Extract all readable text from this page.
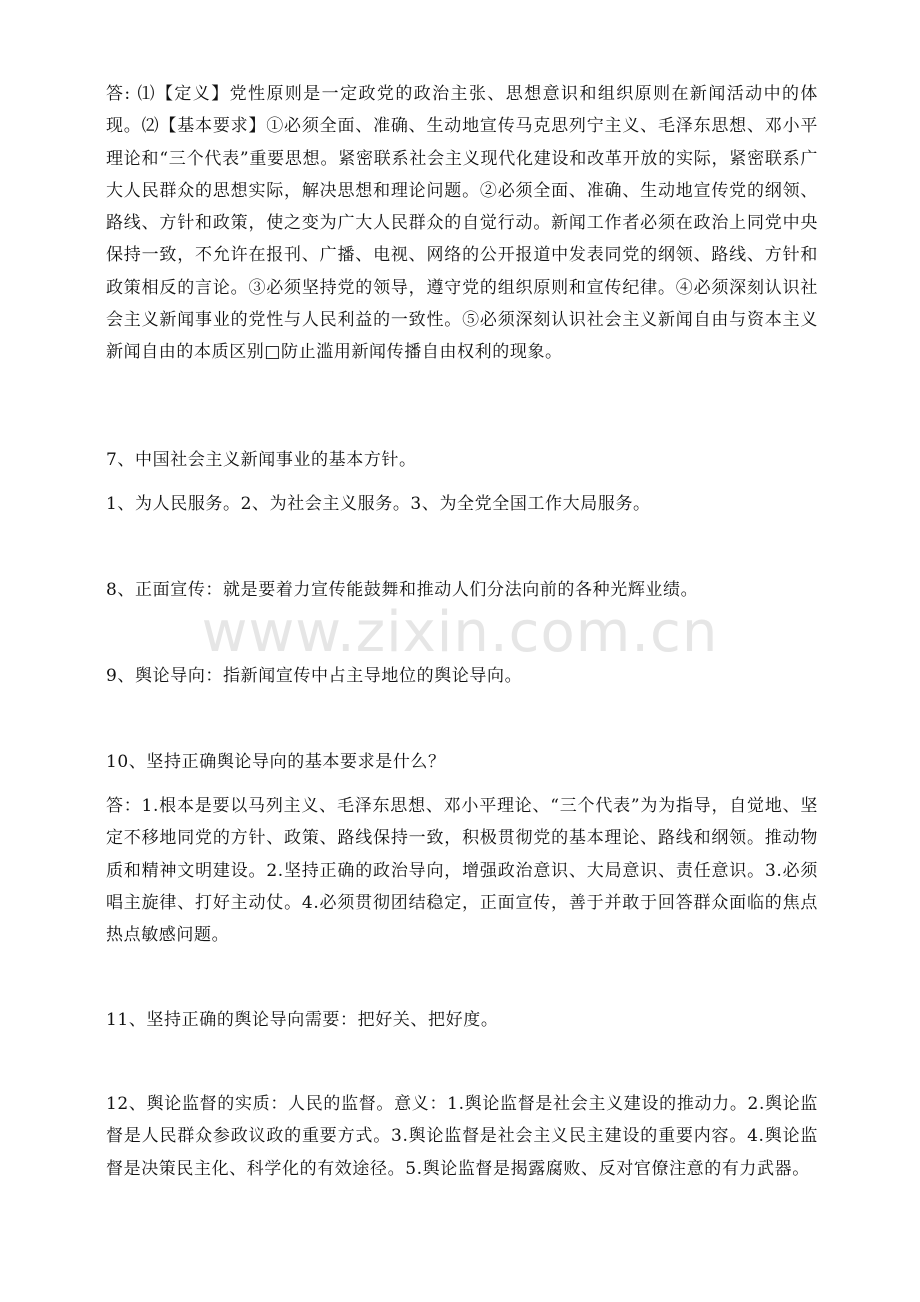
www.zixin.com.cn

答: ⑴【定义】党性原则是一定政党的政治主张、思想意识和组织原则在新闻活动中的体现。⑵【基本要求】①必须全面、准确、生动地宣传马克思列宁主义、毛泽东思想、邓小平理论和“三个代表”重要思想。紧密联系社会主义现代化建设和改革开放的实际，紧密联系广大人民群众的思想实际，解决思想和理论问题。②必须全面、准确、生动地宣传党的纲领、路线、方针和政策，使之变为广大人民群众的自觉行动。新闻工作者必须在政治上同党中央保持一致，不允许在报刊、广播、电视、网络的公开报道中发表同党的纲领、路线、方针和政策相反的言论。③必须坚持党的领导，遵守党的组织原则和宣传纪律。④必须深刻认识社会主义新闻事业的党性与人民利益的一致性。⑤必须深刻认识社会主义新闻自由与资本主义新闻自由的本质区别□防止滥用新闻传播自由权利的现象。

7、中国社会主义新闻事业的基本方针。

1、为人民服务。2、为社会主义服务。3、为全党全国工作大局服务。

8、正面宣传：就是要着力宣传能鼓舞和推动人们分法向前的各种光辉业绩。

9、舆论导向：指新闻宣传中占主导地位的舆论导向。

10、坚持正确舆论导向的基本要求是什么？

答：1.根本是要以马列主义、毛泽东思想、邓小平理论、“三个代表”为为指导，自觉地、坚定不移地同党的方针、政策、路线保持一致，积极贯彻党的基本理论、路线和纲领。推动物质和精神文明建设。2.坚持正确的政治导向，增强政治意识、大局意识、责任意识。3.必须唱主旋律、打好主动仗。4.必须贯彻团结稳定，正面宣传，善于并敢于回答群众面临的焦点热点敏感问题。

11、坚持正确的舆论导向需要：把好关、把好度。

12、舆论监督的实质：人民的监督。意义：1.舆论监督是社会主义建设的推动力。2.舆论监督是人民群众参政议政的重要方式。3.舆论监督是社会主义民主建设的重要内容。4.舆论监督是决策民主化、科学化的有效途径。5.舆论监督是揭露腐败、反对官僚注意的有力武器。
